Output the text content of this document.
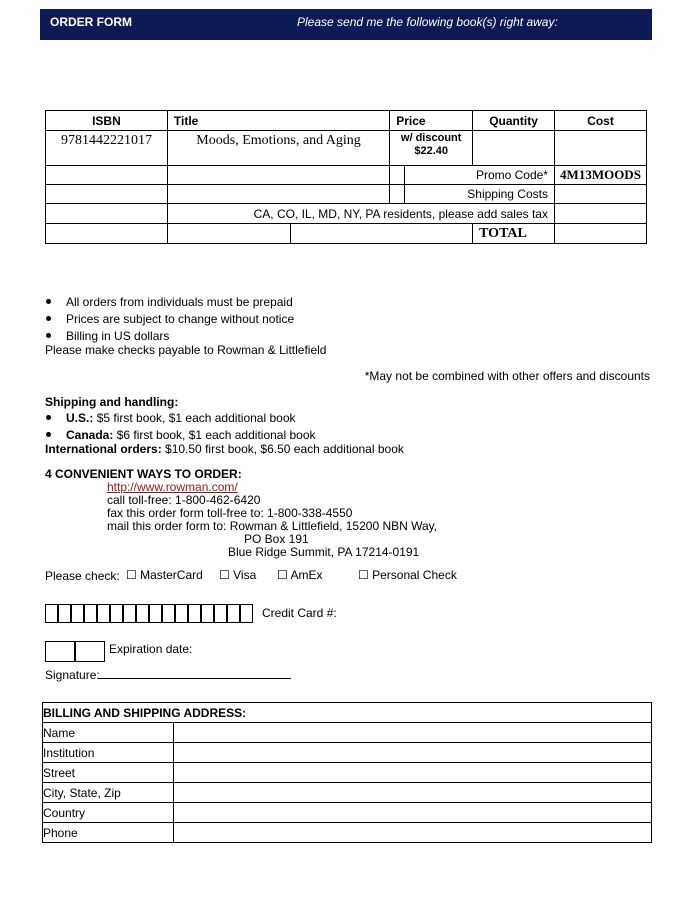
ORDER FORM	Please send me the following book(s) right away:
ISBN	Title		Price		Quantity	Cost
9781442221017	Moods, Emotions, and Aging		w/ discount
$22.40			

				Promo Code*		4M13MOODS
				Shipping Costs		
	CA, CO, IL, MD, NY, PA residents, please add sales tax					
					TOTAL	
All orders from individuals must be prepaid
Prices are subject to change without notice
Billing in US dollars
Please make checks payable to Rowman & Littlefield
*May not be combined with other offers and discounts
Shipping and handling:
U.S.: $5 first book, $1 each additional book
Canada: $6 first book, $1 each additional book
International orders: $10.50 first book, $6.50 each additional book
4 CONVENIENT WAYS TO ORDER:
http://www.rowman.com/
call toll-free: 1-800-462-6420
fax this order form toll-free to: 1-800-338-4550
mail this order form to: Rowman & Littlefield, 15200 NBN Way,
PO Box 191
Blue Ridge Summit, PA 17214-0191
Please check: ☐ MasterCard ☐ Visa ☐ AmEx	☐ Personal Check
Credit Card #:
Expiration date:
Signature:
BILLING AND SHIPPING ADDRESS:	
Name	
Institution	
Street	
City, State, Zip	
Country	
Phone	
